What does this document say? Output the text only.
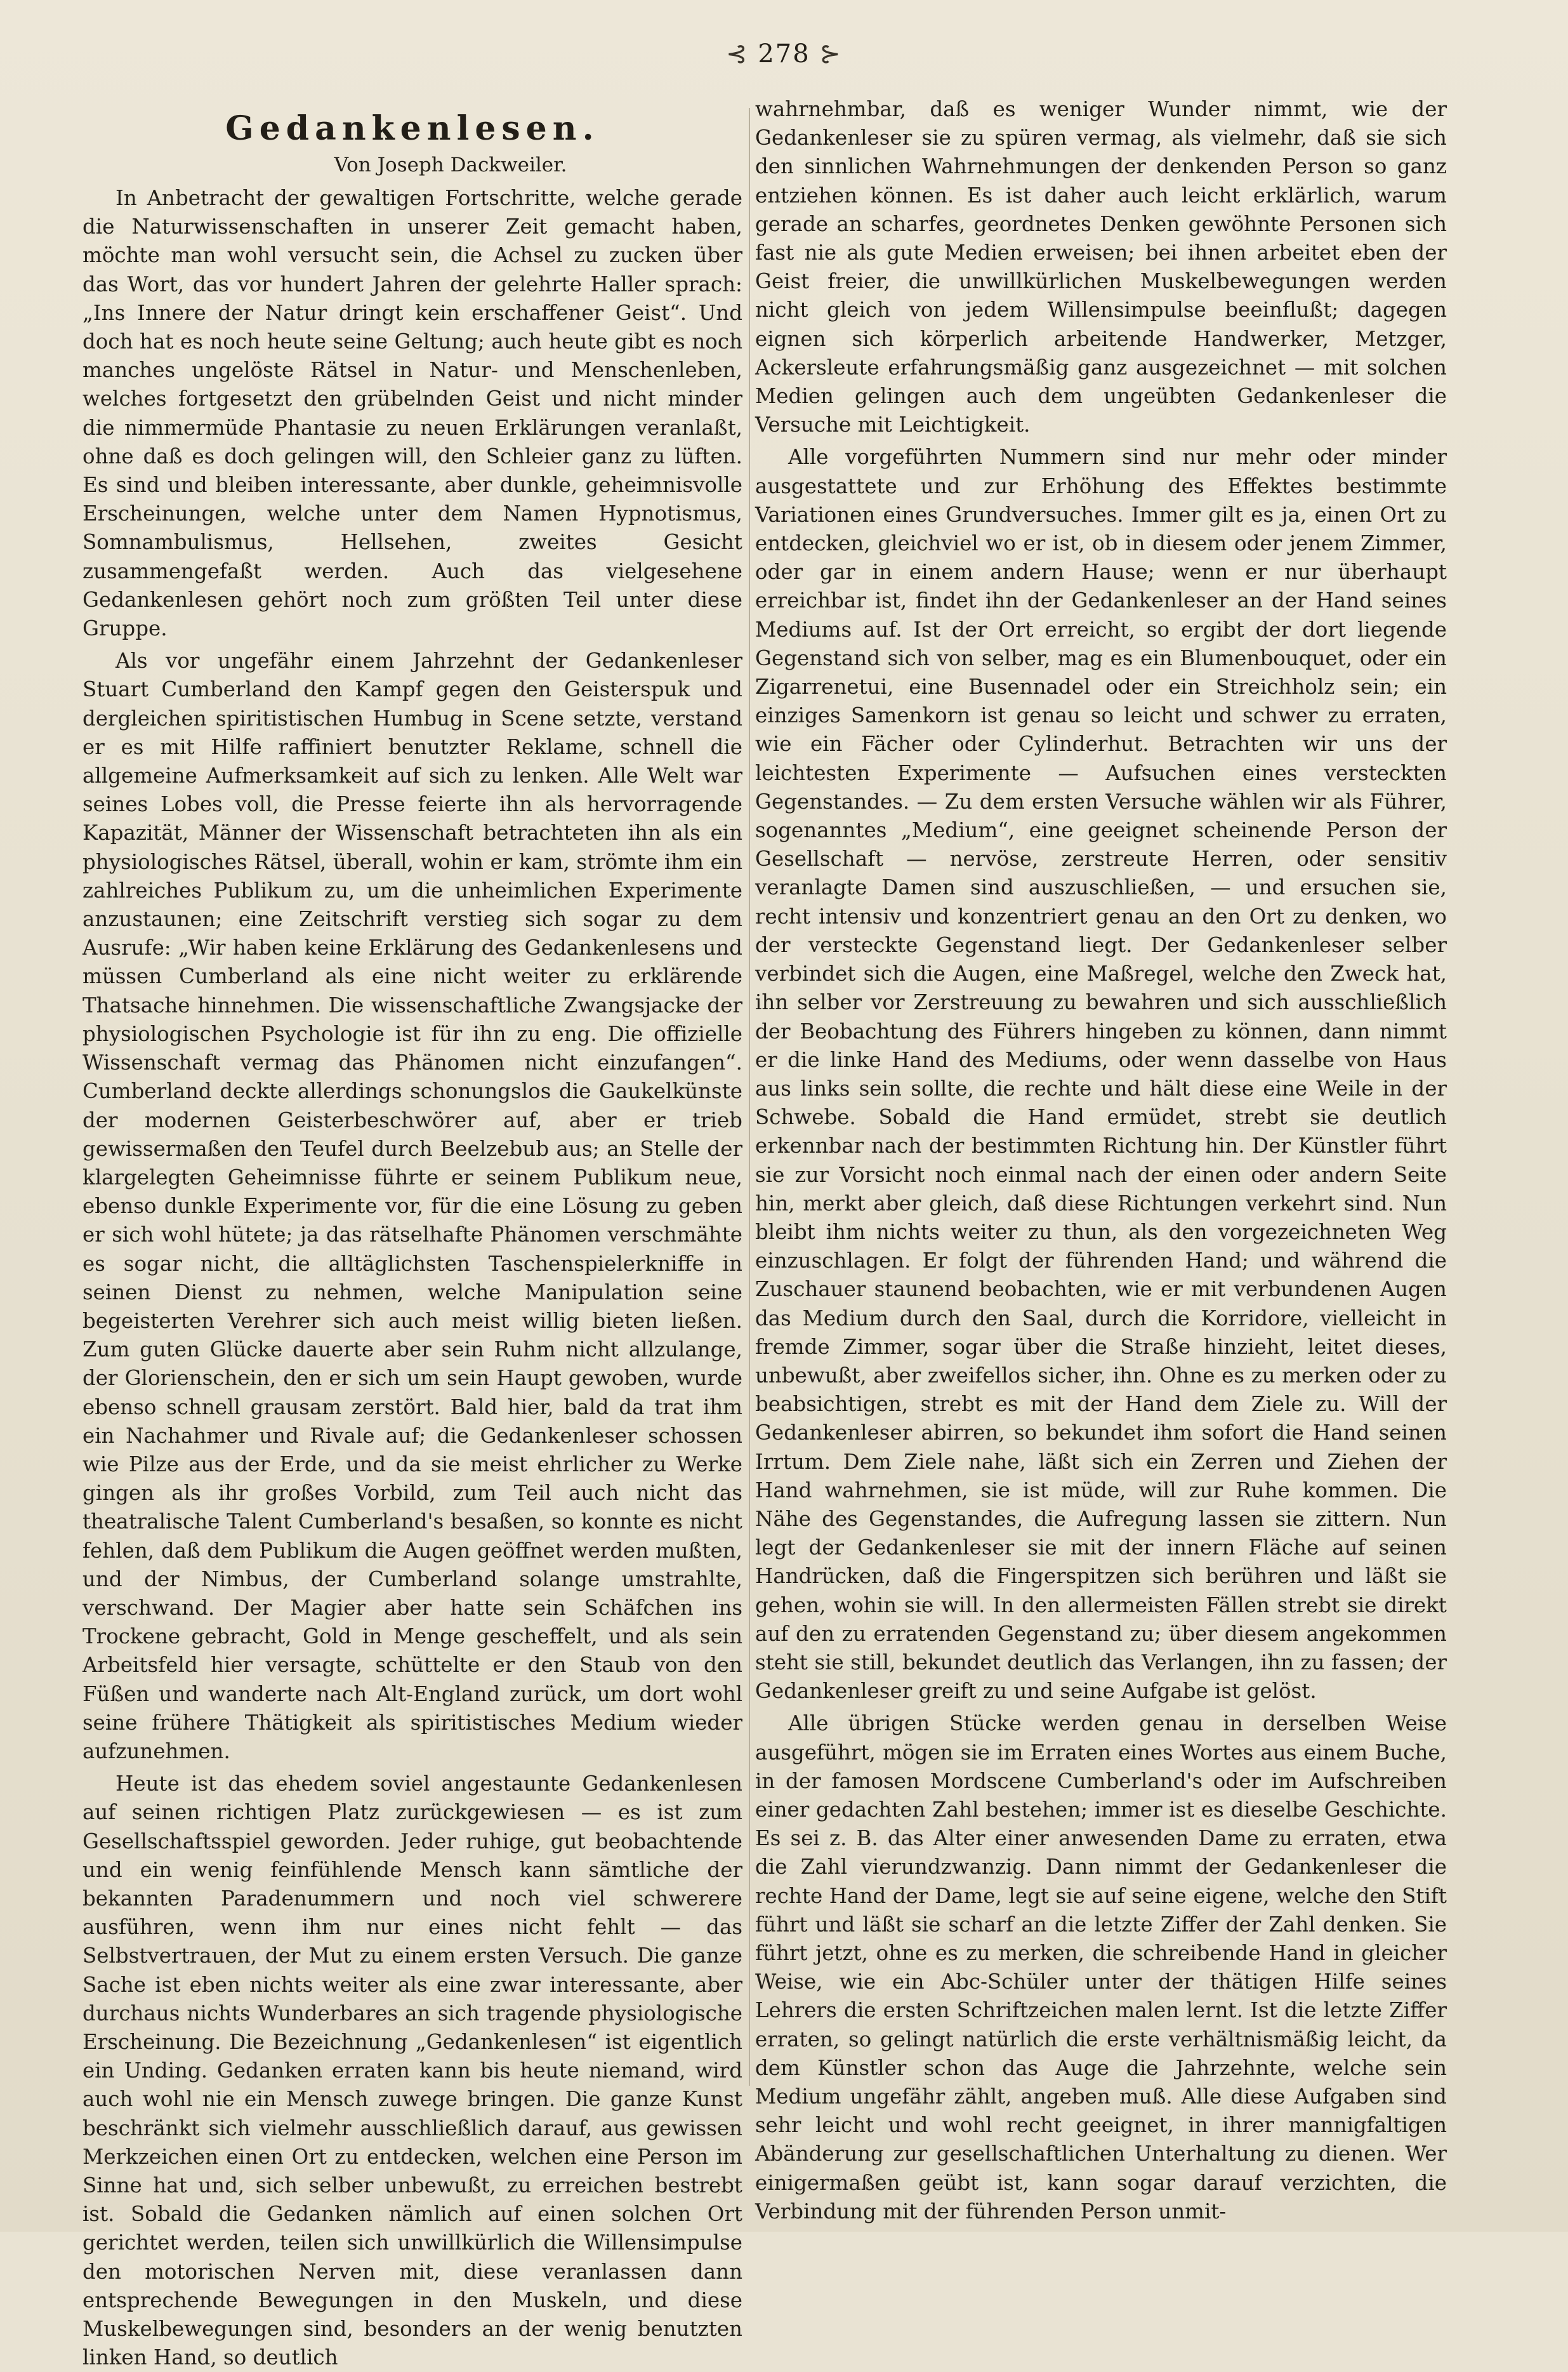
⊰ 278 ⊱
Gedankenlesen.
Von Joseph Dackweiler.

In Anbetracht der gewaltigen Fortschritte, welche gerade die Naturwissenschaften in unserer Zeit gemacht haben, möchte man wohl versucht sein, die Achsel zu zucken über das Wort, das vor hundert Jahren der gelehrte Haller sprach: „Ins Innere der Natur dringt kein erschaffener Geist“. Und doch hat es noch heute seine Geltung; auch heute gibt es noch manches ungelöste Rätsel in Natur- und Menschenleben, welches fortgesetzt den grübelnden Geist und nicht minder die nimmermüde Phantasie zu neuen Erklärungen veranlaßt, ohne daß es doch gelingen will, den Schleier ganz zu lüften. Es sind und bleiben interessante, aber dunkle, geheimnisvolle Erscheinungen, welche unter dem Namen Hypnotismus, Somnambulismus, Hellsehen, zweites Gesicht zusammengefaßt werden. Auch das vielgesehene Gedankenlesen gehört noch zum größten Teil unter diese Gruppe.

Als vor ungefähr einem Jahrzehnt der Gedankenleser Stuart Cumberland den Kampf gegen den Geisterspuk und dergleichen spiritistischen Humbug in Scene setzte, verstand er es mit Hilfe raffiniert benutzter Reklame, schnell die allgemeine Aufmerksamkeit auf sich zu lenken. Alle Welt war seines Lobes voll, die Presse feierte ihn als hervorragende Kapazität, Männer der Wissenschaft betrachteten ihn als ein physiologisches Rätsel, überall, wohin er kam, strömte ihm ein zahlreiches Publikum zu, um die unheimlichen Experimente anzustaunen; eine Zeitschrift verstieg sich sogar zu dem Ausrufe: „Wir haben keine Erklärung des Gedankenlesens und müssen Cumberland als eine nicht weiter zu erklärende Thatsache hinnehmen. Die wissenschaftliche Zwangsjacke der physiologischen Psychologie ist für ihn zu eng. Die offizielle Wissenschaft vermag das Phänomen nicht einzufangen“. Cumberland deckte allerdings schonungslos die Gaukelkünste der modernen Geisterbeschwörer auf, aber er trieb gewissermaßen den Teufel durch Beelzebub aus; an Stelle der klargelegten Geheimnisse führte er seinem Publikum neue, ebenso dunkle Experimente vor, für die eine Lösung zu geben er sich wohl hütete; ja das rätselhafte Phänomen verschmähte es sogar nicht, die alltäglichsten Taschenspielerkniffe in seinen Dienst zu nehmen, welche Manipulation seine begeisterten Verehrer sich auch meist willig bieten ließen. Zum guten Glücke dauerte aber sein Ruhm nicht allzulange, der Glorienschein, den er sich um sein Haupt gewoben, wurde ebenso schnell grausam zerstört. Bald hier, bald da trat ihm ein Nachahmer und Rivale auf; die Gedankenleser schossen wie Pilze aus der Erde, und da sie meist ehrlicher zu Werke gingen als ihr großes Vorbild, zum Teil auch nicht das theatralische Talent Cumberland's besaßen, so konnte es nicht fehlen, daß dem Publikum die Augen geöffnet werden mußten, und der Nimbus, der Cumberland solange umstrahlte, verschwand. Der Magier aber hatte sein Schäfchen ins Trockene gebracht, Gold in Menge gescheffelt, und als sein Arbeitsfeld hier versagte, schüttelte er den Staub von den Füßen und wanderte nach Alt-England zurück, um dort wohl seine frühere Thätigkeit als spiritistisches Medium wieder aufzunehmen.

Heute ist das ehedem soviel angestaunte Gedankenlesen auf seinen richtigen Platz zurückgewiesen — es ist zum Gesellschaftsspiel geworden. Jeder ruhige, gut beobachtende und ein wenig feinfühlende Mensch kann sämtliche der bekannten Paradenummern und noch viel schwerere ausführen, wenn ihm nur eines nicht fehlt — das Selbstvertrauen, der Mut zu einem ersten Versuch. Die ganze Sache ist eben nichts weiter als eine zwar interessante, aber durchaus nichts Wunderbares an sich tragende physiologische Erscheinung. Die Bezeichnung „Gedankenlesen“ ist eigentlich ein Unding. Gedanken erraten kann bis heute niemand, wird auch wohl nie ein Mensch zuwege bringen. Die ganze Kunst beschränkt sich vielmehr ausschließlich darauf, aus gewissen Merkzeichen einen Ort zu entdecken, welchen eine Person im Sinne hat und, sich selber unbewußt, zu erreichen bestrebt ist. Sobald die Gedanken nämlich auf einen solchen Ort gerichtet werden, teilen sich unwillkürlich die Willensimpulse den motorischen Nerven mit, diese veranlassen dann entsprechende Bewegungen in den Muskeln, und diese Muskelbewegungen sind, besonders an der wenig benutzten linken Hand, so deutlich

wahrnehmbar, daß es weniger Wunder nimmt, wie der Gedankenleser sie zu spüren vermag, als vielmehr, daß sie sich den sinnlichen Wahrnehmungen der denkenden Person so ganz entziehen können. Es ist daher auch leicht erklärlich, warum gerade an scharfes, geordnetes Denken gewöhnte Personen sich fast nie als gute Medien erweisen; bei ihnen arbeitet eben der Geist freier, die unwillkürlichen Muskelbewegungen werden nicht gleich von jedem Willensimpulse beeinflußt; dagegen eignen sich körperlich arbeitende Handwerker, Metzger, Ackersleute erfahrungsmäßig ganz ausgezeichnet — mit solchen Medien gelingen auch dem ungeübten Gedankenleser die Versuche mit Leichtigkeit.

Alle vorgeführten Nummern sind nur mehr oder minder ausgestattete und zur Erhöhung des Effektes bestimmte Variationen eines Grundversuches. Immer gilt es ja, einen Ort zu entdecken, gleichviel wo er ist, ob in diesem oder jenem Zimmer, oder gar in einem andern Hause; wenn er nur überhaupt erreichbar ist, findet ihn der Gedankenleser an der Hand seines Mediums auf. Ist der Ort erreicht, so ergibt der dort liegende Gegenstand sich von selber, mag es ein Blumenbouquet, oder ein Zigarrenetui, eine Busennadel oder ein Streichholz sein; ein einziges Samenkorn ist genau so leicht und schwer zu erraten, wie ein Fächer oder Cylinderhut. Betrachten wir uns der leichtesten Experimente — Aufsuchen eines versteckten Gegenstandes. — Zu dem ersten Versuche wählen wir als Führer, sogenanntes „Medium“, eine geeignet scheinende Person der Gesellschaft — nervöse, zerstreute Herren, oder sensitiv veranlagte Damen sind auszuschließen, — und ersuchen sie, recht intensiv und konzentriert genau an den Ort zu denken, wo der versteckte Gegenstand liegt. Der Gedankenleser selber verbindet sich die Augen, eine Maßregel, welche den Zweck hat, ihn selber vor Zerstreuung zu bewahren und sich ausschließlich der Beobachtung des Führers hingeben zu können, dann nimmt er die linke Hand des Mediums, oder wenn dasselbe von Haus aus links sein sollte, die rechte und hält diese eine Weile in der Schwebe. Sobald die Hand ermüdet, strebt sie deutlich erkennbar nach der bestimmten Richtung hin. Der Künstler führt sie zur Vorsicht noch einmal nach der einen oder andern Seite hin, merkt aber gleich, daß diese Richtungen verkehrt sind. Nun bleibt ihm nichts weiter zu thun, als den vorgezeichneten Weg einzuschlagen. Er folgt der führenden Hand; und während die Zuschauer staunend beobachten, wie er mit verbundenen Augen das Medium durch den Saal, durch die Korridore, vielleicht in fremde Zimmer, sogar über die Straße hinzieht, leitet dieses, unbewußt, aber zweifellos sicher, ihn. Ohne es zu merken oder zu beabsichtigen, strebt es mit der Hand dem Ziele zu. Will der Gedankenleser abirren, so bekundet ihm sofort die Hand seinen Irrtum. Dem Ziele nahe, läßt sich ein Zerren und Ziehen der Hand wahrnehmen, sie ist müde, will zur Ruhe kommen. Die Nähe des Gegenstandes, die Aufregung lassen sie zittern. Nun legt der Gedankenleser sie mit der innern Fläche auf seinen Handrücken, daß die Fingerspitzen sich berühren und läßt sie gehen, wohin sie will. In den allermeisten Fällen strebt sie direkt auf den zu erratenden Gegenstand zu; über diesem angekommen steht sie still, bekundet deutlich das Verlangen, ihn zu fassen; der Gedankenleser greift zu und seine Aufgabe ist gelöst.

Alle übrigen Stücke werden genau in derselben Weise ausgeführt, mögen sie im Erraten eines Wortes aus einem Buche, in der famosen Mordscene Cumberland's oder im Aufschreiben einer gedachten Zahl bestehen; immer ist es dieselbe Geschichte. Es sei z. B. das Alter einer anwesenden Dame zu erraten, etwa die Zahl vierundzwanzig. Dann nimmt der Gedankenleser die rechte Hand der Dame, legt sie auf seine eigene, welche den Stift führt und läßt sie scharf an die letzte Ziffer der Zahl denken. Sie führt jetzt, ohne es zu merken, die schreibende Hand in gleicher Weise, wie ein Abc-Schüler unter der thätigen Hilfe seines Lehrers die ersten Schriftzeichen malen lernt. Ist die letzte Ziffer erraten, so gelingt natürlich die erste verhältnismäßig leicht, da dem Künstler schon das Auge die Jahrzehnte, welche sein Medium ungefähr zählt, angeben muß. Alle diese Aufgaben sind sehr leicht und wohl recht geeignet, in ihrer mannigfaltigen Abänderung zur gesellschaftlichen Unterhaltung zu dienen. Wer einigermaßen geübt ist, kann sogar darauf verzichten, die Verbindung mit der führenden Person unmit-
